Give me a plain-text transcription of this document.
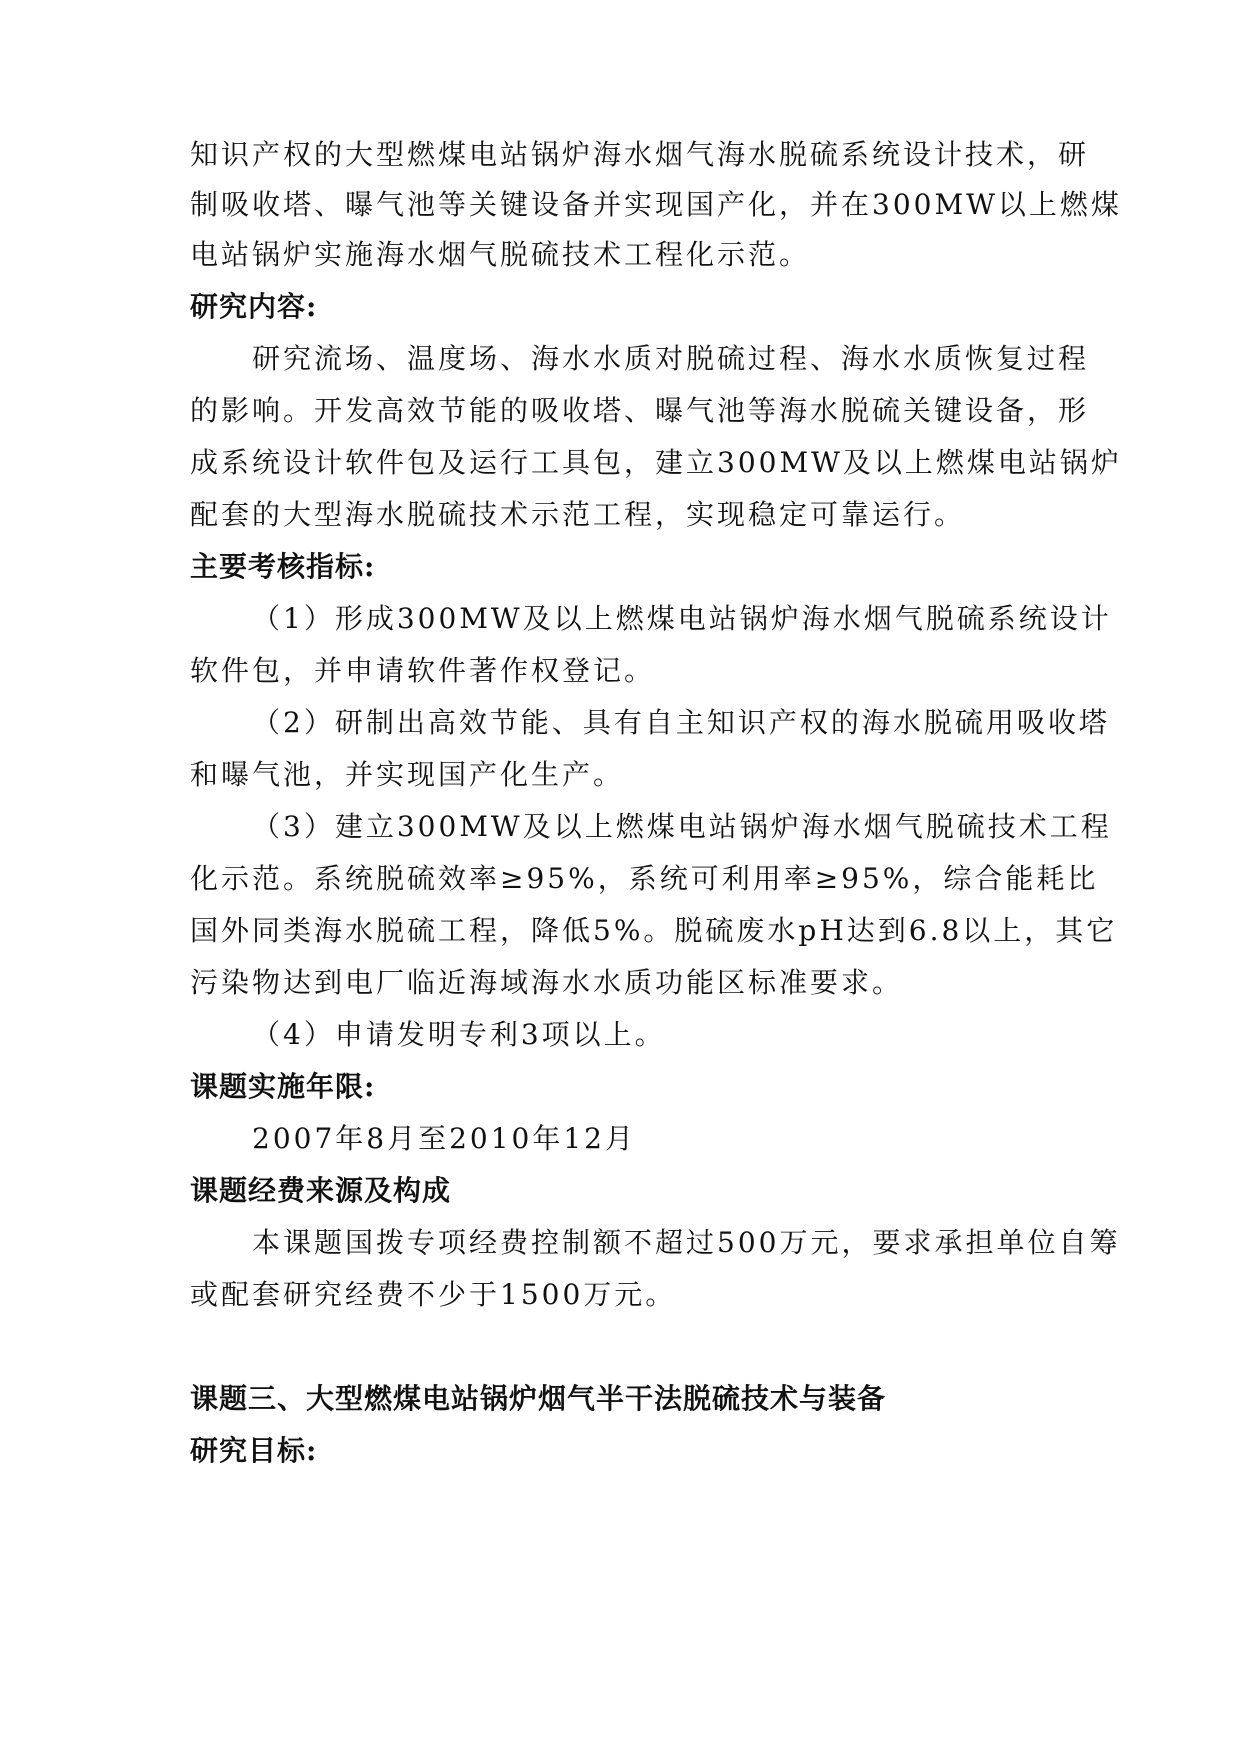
知识产权的大型燃煤电站锅炉海水烟气海水脱硫系统设计技术，研
制吸收塔、曝气池等关键设备并实现国产化，并在300MW以上燃煤
电站锅炉实施海水烟气脱硫技术工程化示范。
研究内容:
研究流场、温度场、海水水质对脱硫过程、海水水质恢复过程
的影响。开发高效节能的吸收塔、曝气池等海水脱硫关键设备，形
成系统设计软件包及运行工具包，建立300MW及以上燃煤电站锅炉
配套的大型海水脱硫技术示范工程，实现稳定可靠运行。
主要考核指标:
（1）形成300MW及以上燃煤电站锅炉海水烟气脱硫系统设计
软件包，并申请软件著作权登记。
（2）研制出高效节能、具有自主知识产权的海水脱硫用吸收塔
和曝气池，并实现国产化生产。
（3）建立300MW及以上燃煤电站锅炉海水烟气脱硫技术工程
化示范。系统脱硫效率≥95%，系统可利用率≥95%，综合能耗比
国外同类海水脱硫工程，降低5%。脱硫废水pH达到6.8以上，其它
污染物达到电厂临近海域海水水质功能区标准要求。
（4）申请发明专利3项以上。
课题实施年限:
2007年8月至2010年12月
课题经费来源及构成
本课题国拨专项经费控制额不超过500万元，要求承担单位自筹
或配套研究经费不少于1500万元。
课题三、大型燃煤电站锅炉烟气半干法脱硫技术与装备
研究目标:
